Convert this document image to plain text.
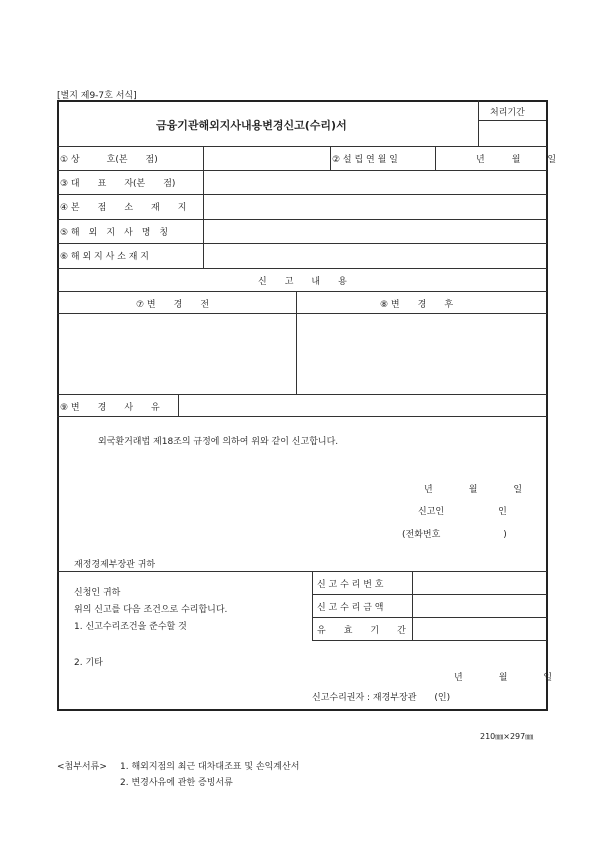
[별지 제9-7호 서식]
금융기관해외지사내용변경신고(수리)서
처리기간
① 상　　　호(본　　점)	② 설 립 연 월 일	년　　　월　　　일
③ 대　　표　　자(본　　점)
④ 본　　점　　소　　재　　지
⑤ 해　외　지　사　명　칭
⑥ 해 외 지 사 소 재 지
신　　고　　내　　용
⑦ 변　　경　　전	⑧ 변　　경　　후
⑨ 변　　경　　사　　유
외국환거래법 제18조의 규정에 의하여 위와 같이 신고합니다.
년　　　　월　　　　일
신고인　　　　　　인
(전화번호　　　　　　　)
재정경제부장관 귀하
신청인 귀하
위의 신고를 다음 조건으로 수리합니다.
1. 신고수리조건을 준수할 것
2. 기타
신 고 수 리 번 호
신 고 수 리 금 액
유　　효　　기　　간
년　　　　월　　　　일
신고수리권자 : 재경부장관　　(인)
210㎜×297㎜
<첨부서류> 1. 해외지점의 최근 대차대조표 및 손익계산서
2. 변경사유에 관한 증빙서류
